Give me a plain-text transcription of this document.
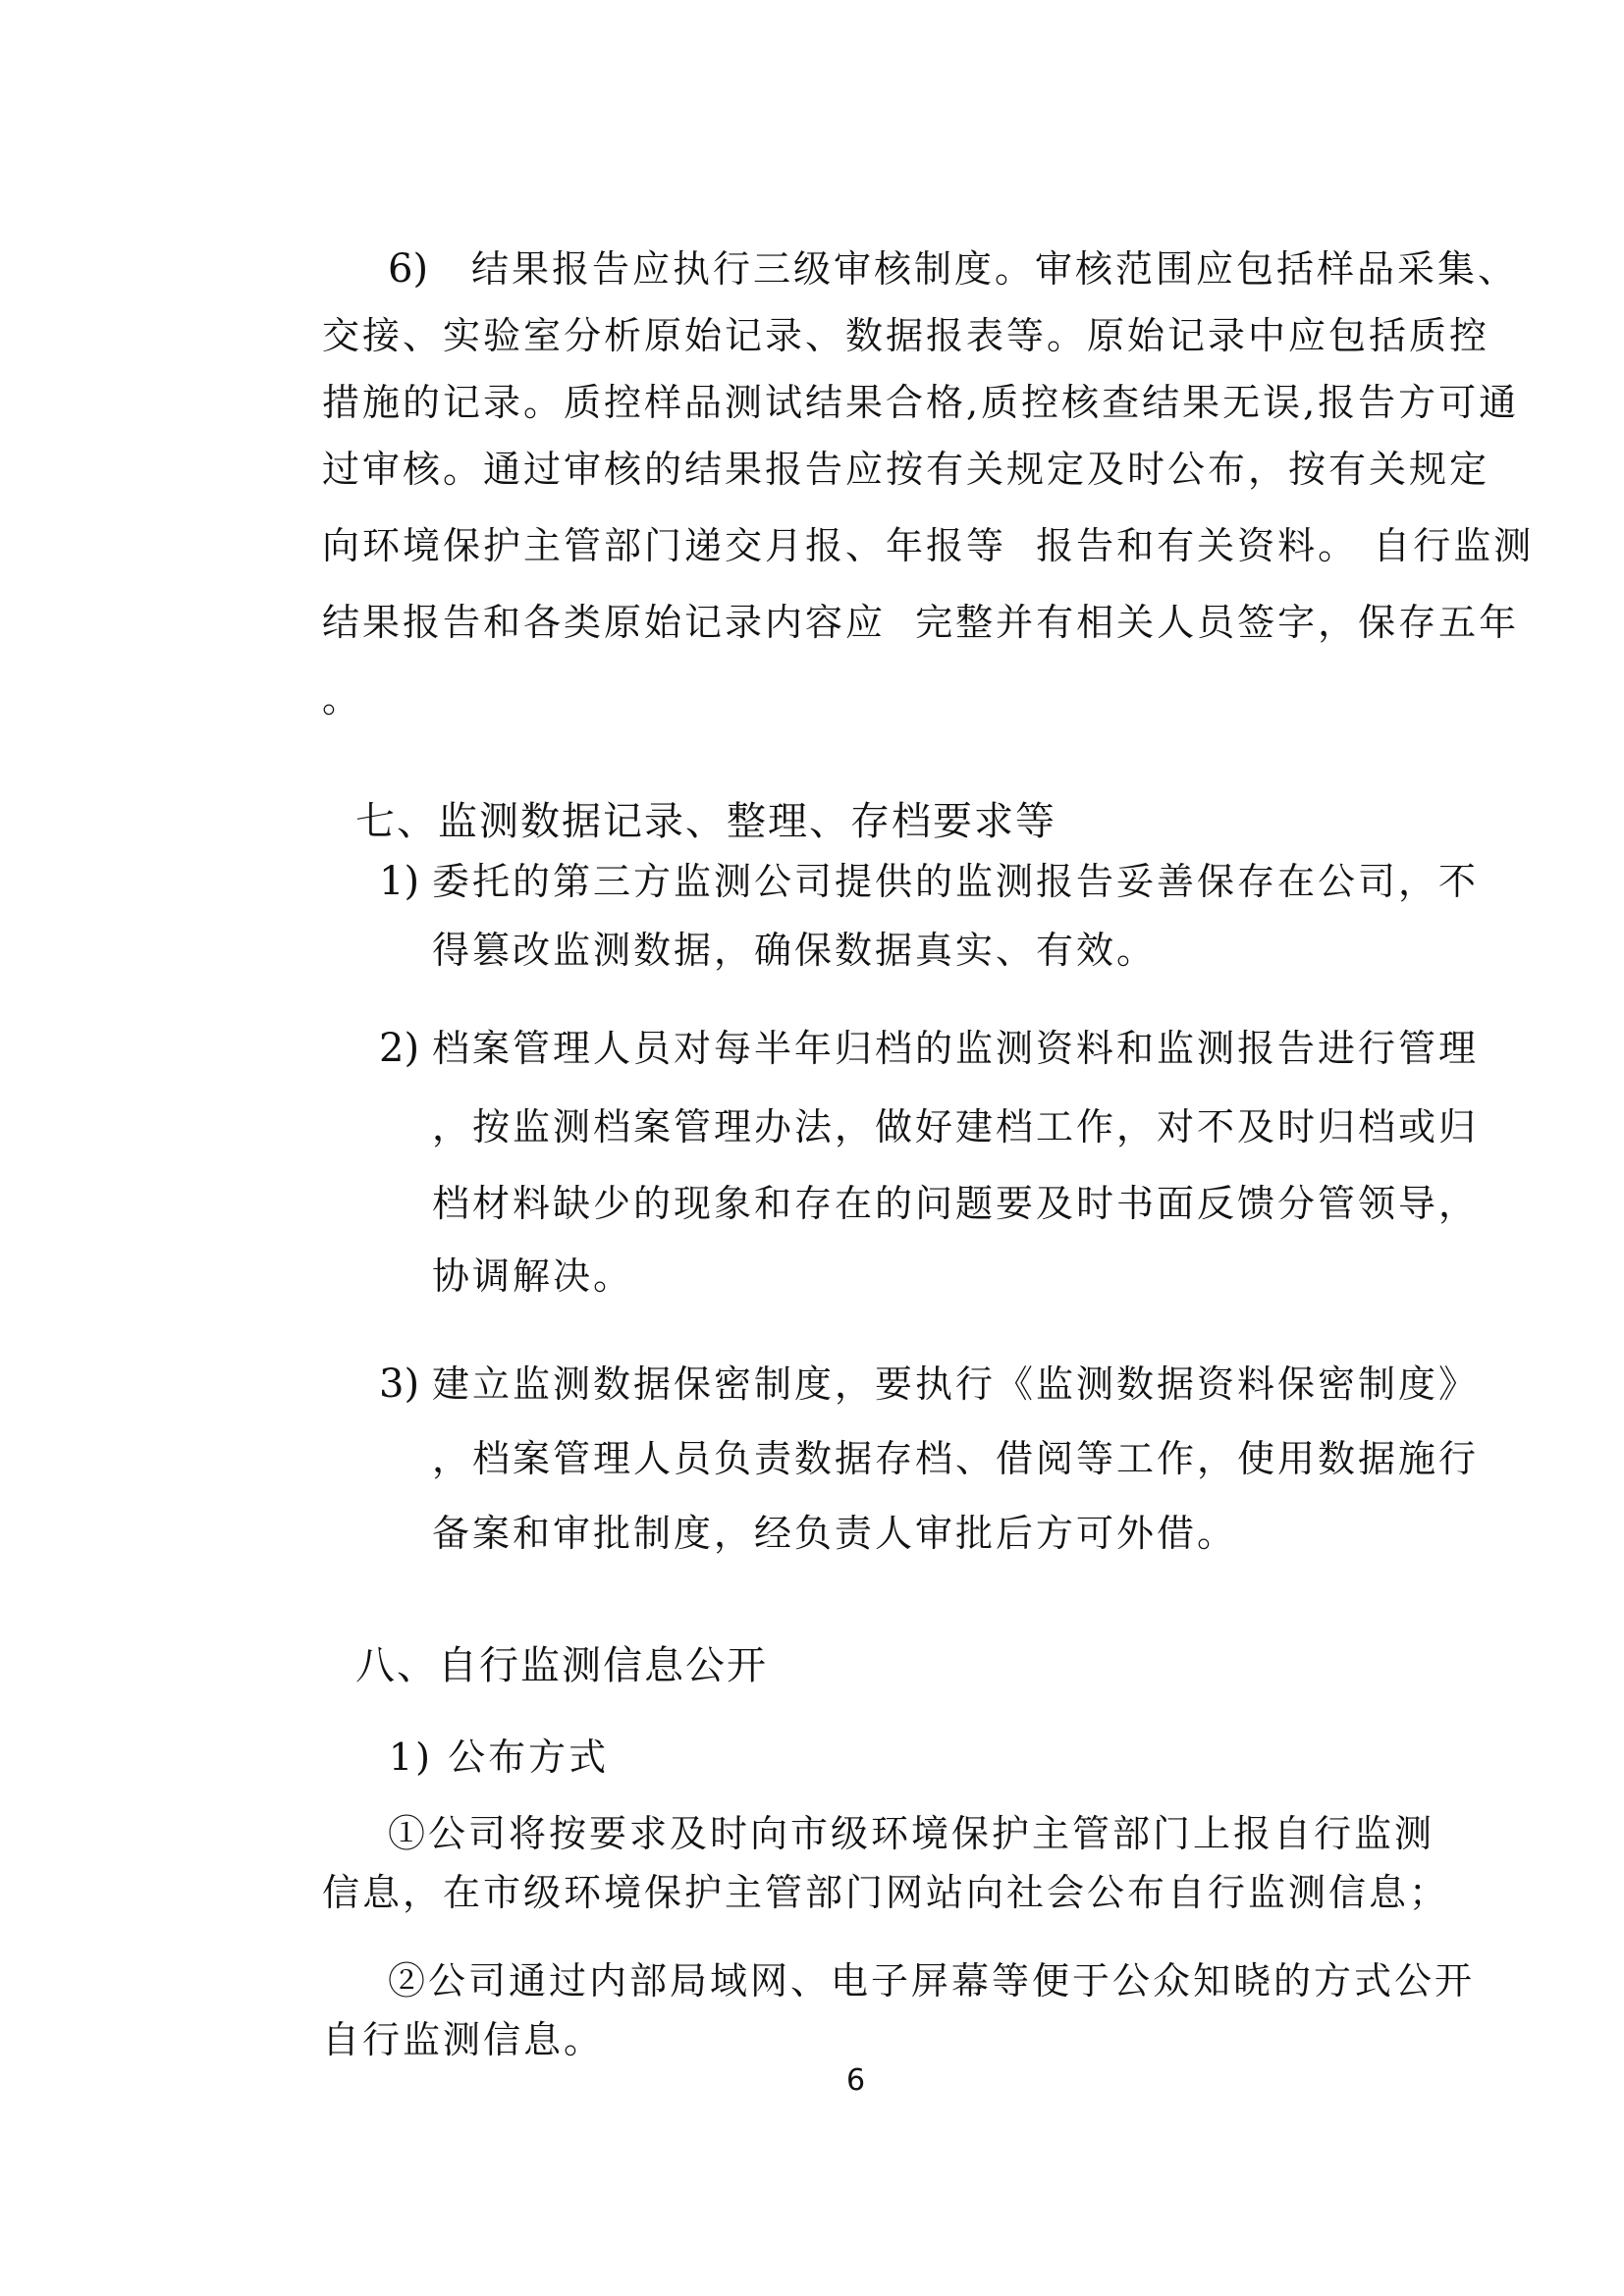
6) 结果报告应执行三级审核制度。审核范围应包括样品采集、
交接、实验室分析原始记录、数据报表等。原始记录中应包括质控
措施的记录。质控样品测试结果合格,质控核查结果无误,报告方可通
过审核。通过审核的结果报告应按有关规定及时公布，按有关规定
向环境保护主管部门递交月报、年报等  报告和有关资料。 自行监测
结果报告和各类原始记录内容应  完整并有相关人员签字，保存五年
。
七、监测数据记录、整理、存档要求等
1) 委托的第三方监测公司提供的监测报告妥善保存在公司，不
得篡改监测数据，确保数据真实、有效。
2) 档案管理人员对每半年归档的监测资料和监测报告进行管理
，按监测档案管理办法，做好建档工作，对不及时归档或归
档材料缺少的现象和存在的问题要及时书面反馈分管领导，
协调解决。
3) 建立监测数据保密制度，要执行《监测数据资料保密制度》
，档案管理人员负责数据存档、借阅等工作，使用数据施行
备案和审批制度，经负责人审批后方可外借。
八、自行监测信息公开
1) 公布方式
①公司将按要求及时向市级环境保护主管部门上报自行监测
信息，在市级环境保护主管部门网站向社会公布自行监测信息；
②公司通过内部局域网、电子屏幕等便于公众知晓的方式公开
自行监测信息。
6
